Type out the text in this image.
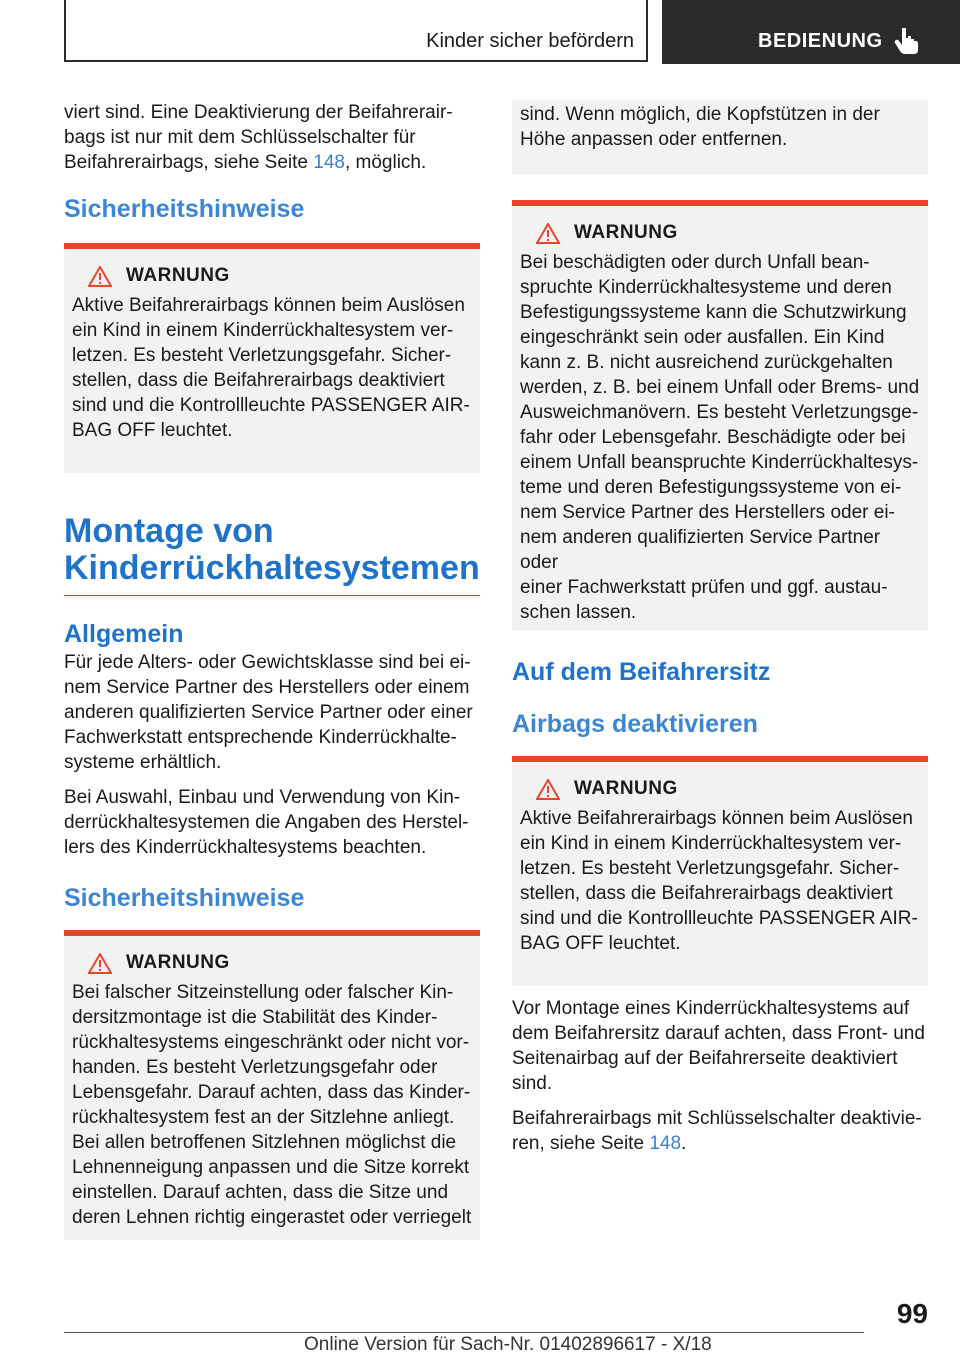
Kinder sicher befördern	BEDIENUNG

viert sind. Eine Deaktivierung der Beifahrerair-
bags ist nur mit dem Schlüsselschalter für
Beifahrerairbags, siehe Seite 148, möglich.

Sicherheitshinweise
WARNUNG

Aktive Beifahrerairbags können beim Auslösen
ein Kind in einem Kinderrückhaltesystem ver-
letzen. Es besteht Verletzungsgefahr. Sicher-
stellen, dass die Beifahrerairbags deaktiviert
sind und die Kontrollleuchte PASSENGER AIR-
BAG OFF leuchtet.

Montage von
Kinderrückhaltesystemen
Allgemein

Für jede Alters- oder Gewichtsklasse sind bei ei-
nem Service Partner des Herstellers oder einem
anderen qualifizierten Service Partner oder einer
Fachwerkstatt entsprechende Kinderrückhalte-
systeme erhältlich.

Bei Auswahl, Einbau und Verwendung von Kin-
derrückhaltesystemen die Angaben des Herstel-
lers des Kinderrückhaltesystems beachten.

Sicherheitshinweise
WARNUNG

Bei falscher Sitzeinstellung oder falscher Kin-
dersitzmontage ist die Stabilität des Kinder-
rückhaltesystems eingeschränkt oder nicht vor-
handen. Es besteht Verletzungsgefahr oder
Lebensgefahr. Darauf achten, dass das Kinder-
rückhaltesystem fest an der Sitzlehne anliegt.
Bei allen betroffenen Sitzlehnen möglichst die
Lehnenneigung anpassen und die Sitze korrekt
einstellen. Darauf achten, dass die Sitze und
deren Lehnen richtig eingerastet oder verriegelt

sind. Wenn möglich, die Kopfstützen in der
Höhe anpassen oder entfernen.

WARNUNG

Bei beschädigten oder durch Unfall bean-
spruchte Kinderrückhaltesysteme und deren
Befestigungssysteme kann die Schutzwirkung
eingeschränkt sein oder ausfallen. Ein Kind
kann z. B. nicht ausreichend zurückgehalten
werden, z. B. bei einem Unfall oder Brems- und
Ausweichmanövern. Es besteht Verletzungsge-
fahr oder Lebensgefahr. Beschädigte oder bei
einem Unfall beanspruchte Kinderrückhaltesys-
teme und deren Befestigungssysteme von ei-
nem Service Partner des Herstellers oder ei-
nem anderen qualifizierten Service Partner oder
einer Fachwerkstatt prüfen und ggf. austau-
schen lassen.

Auf dem Beifahrersitz
Airbags deaktivieren
WARNUNG

Aktive Beifahrerairbags können beim Auslösen
ein Kind in einem Kinderrückhaltesystem ver-
letzen. Es besteht Verletzungsgefahr. Sicher-
stellen, dass die Beifahrerairbags deaktiviert
sind und die Kontrollleuchte PASSENGER AIR-
BAG OFF leuchtet.

Vor Montage eines Kinderrückhaltesystems auf
dem Beifahrersitz darauf achten, dass Front- und
Seitenairbag auf der Beifahrerseite deaktiviert
sind.

Beifahrerairbags mit Schlüsselschalter deaktivie-
ren, siehe Seite 148.

99
Online Version für Sach-Nr. 01402896617 - X/18
